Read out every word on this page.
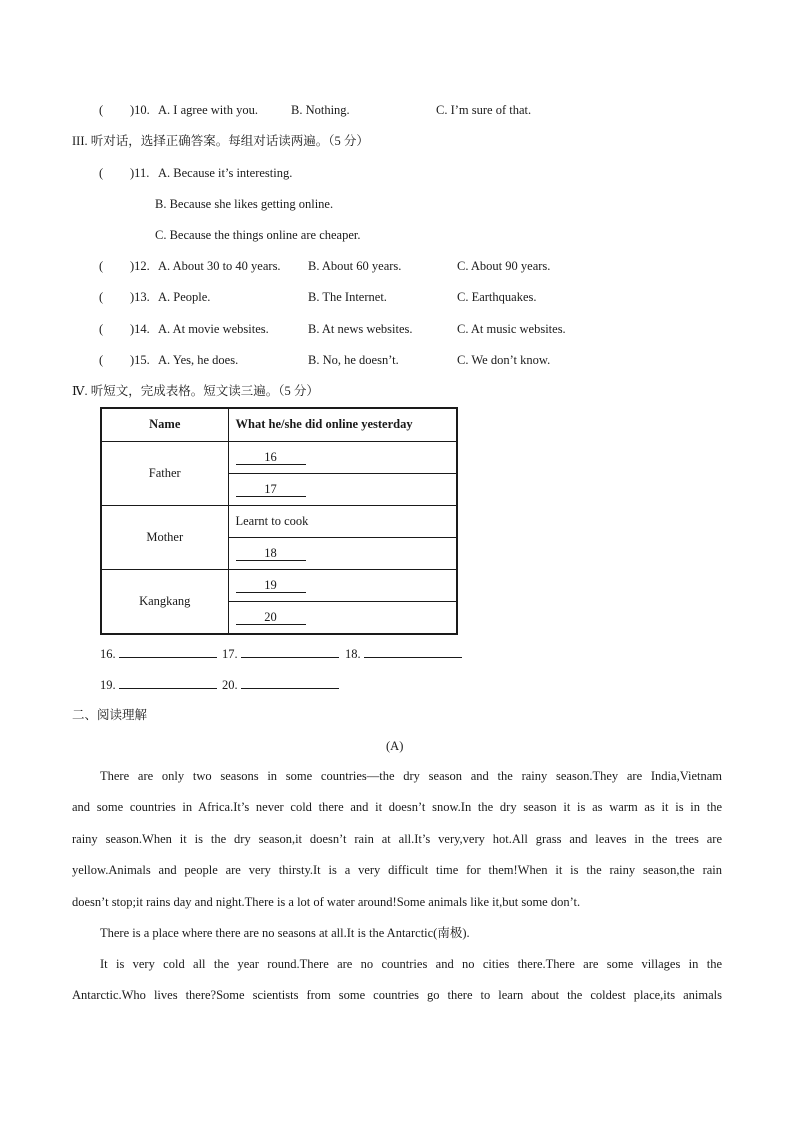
( )10. A. I agree with you.	B. Nothing.	C. I’m sure of that.
III. 听对话，选择正确答案。每组对话读两遍。（5 分）
( )11. A. Because it’s interesting.
B. Because she likes getting online.
C. Because the things online are cheaper.
( )12. A. About 30 to 40 years. B. About 60 years.	C. About 90 years.
( )13. A. People.	B. The Internet.	C. Earthquakes.
( )14. A. At movie websites.	B. At news websites.	C. At music websites.
( )15. A. Yes, he does.	B. No, he doesn’t.	C. We don’t know.
Ⅳ. 听短文，完成表格。短文读三遍。（5 分）
Name	What he/she did online yesterday
Father	16
	17
Mother	Learnt to cook
	18
Kangkang	19
	20
16.	17.	18.
19.	20.
二、阅读理解
(A)

There are only two seasons in some countries—the dry season and the rainy season.They are India,Vietnam

and some countries in Africa.It’s never cold there and it doesn’t snow.In the dry season it is as warm as it is in the

rainy season.When it is the dry season,it doesn’t rain at all.It’s very,very hot.All grass and leaves in the trees are

yellow.Animals and people are very thirsty.It is a very difficult time for them!When it is the rainy season,the rain

doesn’t stop;it rains day and night.There is a lot of water around!Some animals like it,but some don’t.

There is a place where there are no seasons at all.It is the Antarctic(南极).

It is very cold all the year round.There are no countries and no cities there.There are some villages in the

Antarctic.Who lives there?Some scientists from some countries go there to learn about the coldest place,its animals
